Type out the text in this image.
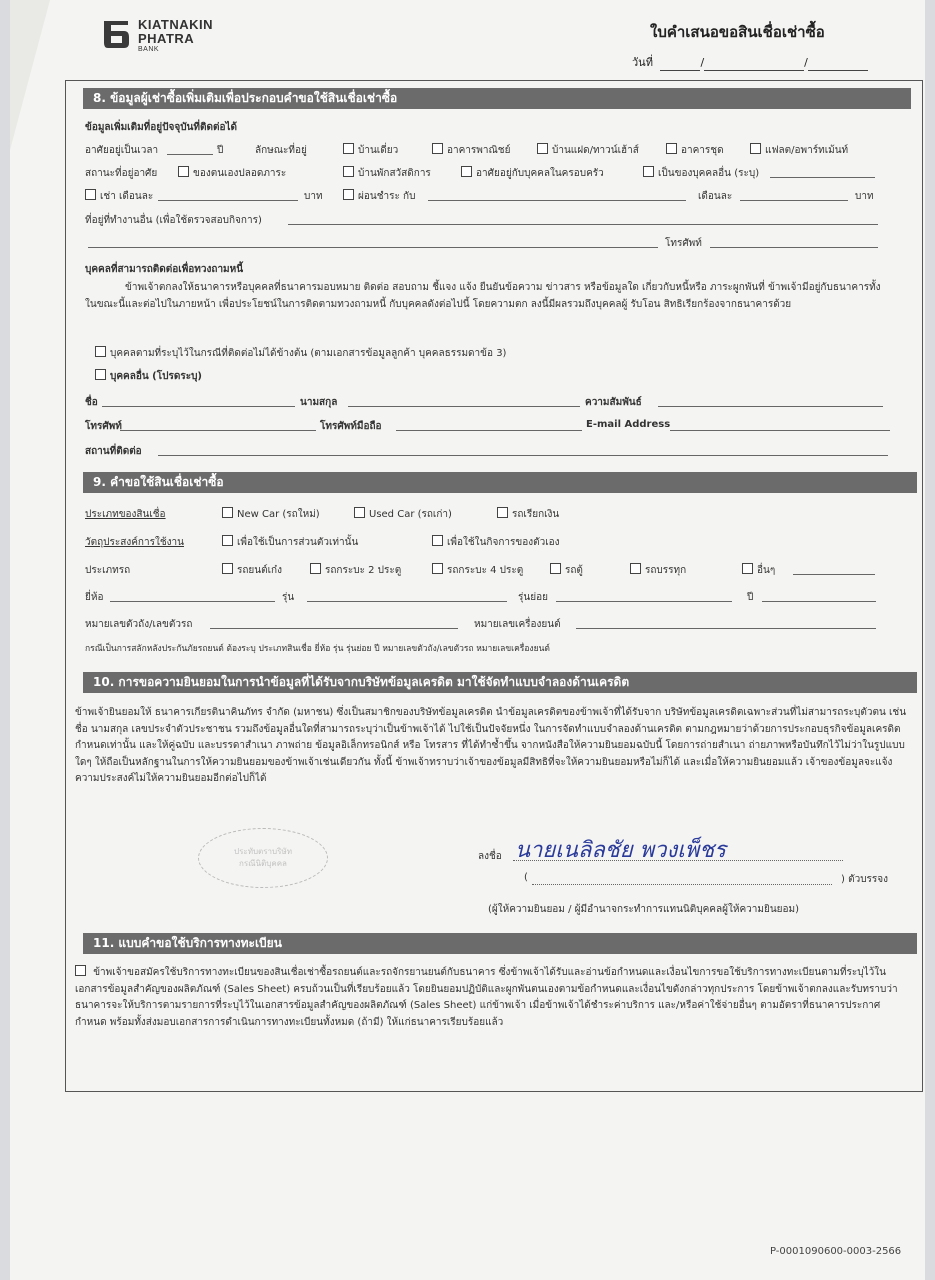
KIATNAKIN
PHATRA
BANK
ใบคำเสนอขอสินเชื่อเช่าซื้อ
วันที่	/	/
8. ข้อมูลผู้เช่าซื้อเพิ่มเติมเพื่อประกอบคำขอใช้สินเชื่อเช่าซื้อ
ข้อมูลเพิ่มเติมที่อยู่ปัจจุบันที่ติดต่อได้
อาศัยอยู่เป็นเวลา	ปี	ลักษณะที่อยู่	บ้านเดี่ยว	อาคารพาณิชย์	บ้านแฝด/ทาวน์เฮ้าส์	อาคารชุด	แฟลต/อพาร์ทเม้นท์
สถานะที่อยู่อาศัย	ของตนเองปลอดภาระ	บ้านพักสวัสดิการ	อาศัยอยู่กับบุคคลในครอบครัว	เป็นของบุคคลอื่น (ระบุ)
เช่า เดือนละ	บาท	ผ่อนชำระ กับ	เดือนละ	บาท
ที่อยู่ที่ทำงานอื่น (เพื่อใช้ตรวจสอบกิจการ)
โทรศัพท์
บุคคลที่สามารถติดต่อเพื่อทวงถามหนี้
ข้าพเจ้าตกลงให้ธนาคารหรือบุคคลที่ธนาคารมอบหมาย ติดต่อ สอบถาม ชี้แจง แจ้ง ยืนยันข้อความ ข่าวสาร หรือข้อมูลใด เกี่ยวกับหนี้หรือ ภาระผูกพันที่ ข้าพเจ้ามีอยู่กับธนาคารทั้งในขณะนี้และต่อไปในภายหน้า เพื่อประโยชน์ในการติดตามทวงถามหนี้ กับบุคคลดังต่อไปนี้ โดยความตก ลงนี้มีผลรวมถึงบุคคลผู้ รับโอน สิทธิเรียกร้องจากธนาคารด้วย
บุคคลตามที่ระบุไว้ในกรณีที่ติดต่อไม่ได้ข้างต้น (ตามเอกสารข้อมูลลูกค้า บุคคลธรรมดาข้อ 3)
บุคคลอื่น (โปรดระบุ)
ชื่อ	นามสกุล	ความสัมพันธ์
โทรศัพท์	โทรศัพท์มือถือ	E-mail Address
สถานที่ติดต่อ
9. คำขอใช้สินเชื่อเช่าซื้อ
ประเภทของสินเชื่อ	New Car (รถใหม่)	Used Car (รถเก่า)	รถเรียกเงิน
วัตถุประสงค์การใช้งาน	เพื่อใช้เป็นการส่วนตัวเท่านั้น	เพื่อใช้ในกิจการของตัวเอง
ประเภทรถ	รถยนต์เก๋ง	รถกระบะ 2 ประตู	รถกระบะ 4 ประตู	รถตู้	รถบรรทุก	อื่นๆ
ยี่ห้อ	รุ่น	รุ่นย่อย	ปี
หมายเลขตัวถัง/เลขตัวรถ	หมายเลขเครื่องยนต์
กรณีเป็นการสลักหลังประกันภัยรถยนต์ ต้องระบุ ประเภทสินเชื่อ ยี่ห้อ รุ่น รุ่นย่อย ปี หมายเลขตัวถัง/เลขตัวรถ หมายเลขเครื่องยนต์
10. การขอความยินยอมในการนำข้อมูลที่ได้รับจากบริษัทข้อมูลเครดิต มาใช้จัดทำแบบจำลองด้านเครดิต
ข้าพเจ้ายินยอมให้ ธนาคารเกียรตินาคินภัทร จำกัด (มหาชน) ซึ่งเป็นสมาชิกของบริษัทข้อมูลเครดิต นำข้อมูลเครดิตของข้าพเจ้าที่ได้รับจาก บริษัทข้อมูลเครดิตเฉพาะส่วนที่ไม่สามารถระบุตัวตน เช่น ชื่อ นามสกุล เลขประจำตัวประชาชน รวมถึงข้อมูลอื่นใดที่สามารถระบุว่าเป็นข้าพเจ้าได้ ไปใช้เป็นปัจจัยหนึ่ง ในการจัดทำแบบจำลองด้านเครดิต ตามกฎหมายว่าด้วยการประกอบธุรกิจข้อมูลเครดิตกำหนดเท่านั้น และให้คู่ฉบับ และบรรดาสำเนา ภาพถ่าย ข้อมูลอิเล็กทรอนิกส์ หรือ โทรสาร ที่ได้ทำซ้ำขึ้น จากหนังสือให้ความยินยอมฉบับนี้ โดยการถ่ายสำเนา ถ่ายภาพหรือบันทึกไว้ไม่ว่าในรูปแบบใดๆ ให้ถือเป็นหลักฐานในการให้ความยินยอมของข้าพเจ้าเช่นเดียวกัน ทั้งนี้ ข้าพเจ้าทราบว่าเจ้าของข้อมูลมีสิทธิที่จะให้ความยินยอมหรือไม่ก็ได้ และเมื่อให้ความยินยอมแล้ว เจ้าของข้อมูลจะแจ้งความประสงค์ไม่ให้ความยินยอมอีกต่อไปก็ได้
ประทับตราบริษัท
กรณีนิติบุคคล
ลงชื่อ นายเนลิลชัย พวงเพ็ชร
(	) ตัวบรรจง
(ผู้ให้ความยินยอม / ผู้มีอำนาจกระทำการแทนนิติบุคคลผู้ให้ความยินยอม)
11. แบบคำขอใช้บริการทางทะเบียน
ข้าพเจ้าขอสมัครใช้บริการทางทะเบียนของสินเชื่อเช่าซื้อรถยนต์และรถจักรยานยนต์กับธนาคาร ซึ่งข้าพเจ้าได้รับและอ่านข้อกำหนดและเงื่อนไขการขอใช้บริการทางทะเบียนตามที่ระบุไว้ในเอกสารข้อมูลสำคัญของผลิตภัณฑ์ (Sales Sheet) ครบถ้วนเป็นที่เรียบร้อยแล้ว โดยยินยอมปฏิบัติและผูกพันตนเองตามข้อกำหนดและเงื่อนไขดังกล่าวทุกประการ โดยข้าพเจ้าตกลงและรับทราบว่า ธนาคารจะให้บริการตามรายการที่ระบุไว้ในเอกสารข้อมูลสำคัญของผลิตภัณฑ์ (Sales Sheet) แก่ข้าพเจ้า เมื่อข้าพเจ้าได้ชำระค่าบริการ และ/หรือค่าใช้จ่ายอื่นๆ ตามอัตราที่ธนาคารประกาศกำหนด พร้อมทั้งส่งมอบเอกสารการดำเนินการทางทะเบียนทั้งหมด (ถ้ามี) ให้แก่ธนาคารเรียบร้อยแล้ว
P-0001090600-0003-2566
